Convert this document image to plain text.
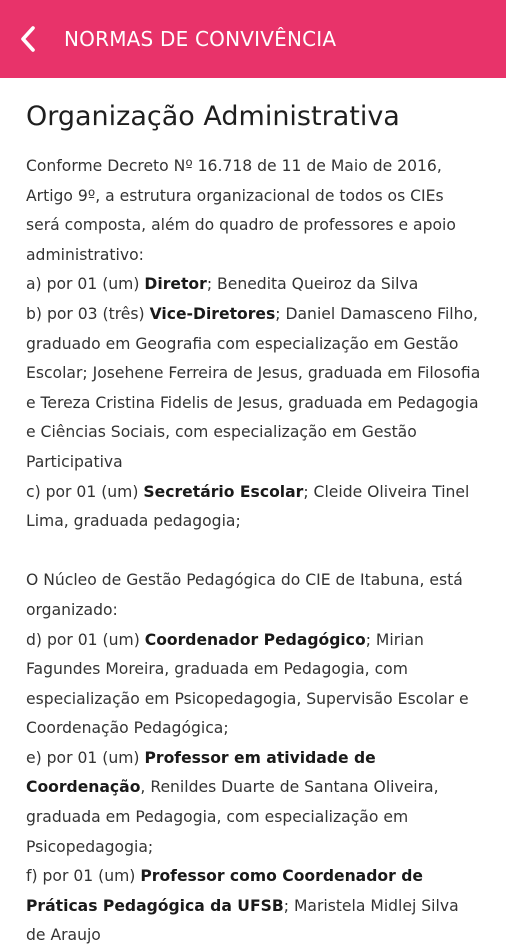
NORMAS DE CONVIVÊNCIA
Organização Administrativa
Conforme Decreto Nº 16.718 de 11 de Maio de 2016, Artigo 9º, a estrutura organizacional de todos os CIEs será composta, além do quadro de professores e apoio administrativo:
a) por 01 (um) Diretor; Benedita Queiroz da Silva
b) por 03 (três) Vice-Diretores; Daniel Damasceno Filho, graduado em Geografia com especialização em Gestão Escolar; Josehene Ferreira de Jesus, graduada em Filosofia e Tereza Cristina Fidelis de Jesus, graduada em Pedagogia e Ciências Sociais, com especialização em Gestão Participativa
c) por 01 (um) Secretário Escolar; Cleide Oliveira Tinel Lima, graduada pedagogia;
O Núcleo de Gestão Pedagógica do CIE de Itabuna, está organizado:
d) por 01 (um) Coordenador Pedagógico; Mirian Fagundes Moreira, graduada em Pedagogia, com especialização em Psicopedagogia, Supervisão Escolar e Coordenação Pedagógica;
e) por 01 (um) Professor em atividade de Coordenação, Renildes Duarte de Santana Oliveira, graduada em Pedagogia, com especialização em Psicopedagogia;
f) por 01 (um) Professor como Coordenador de Práticas Pedagógica da UFSB; Maristela Midlej Silva de Araujo
